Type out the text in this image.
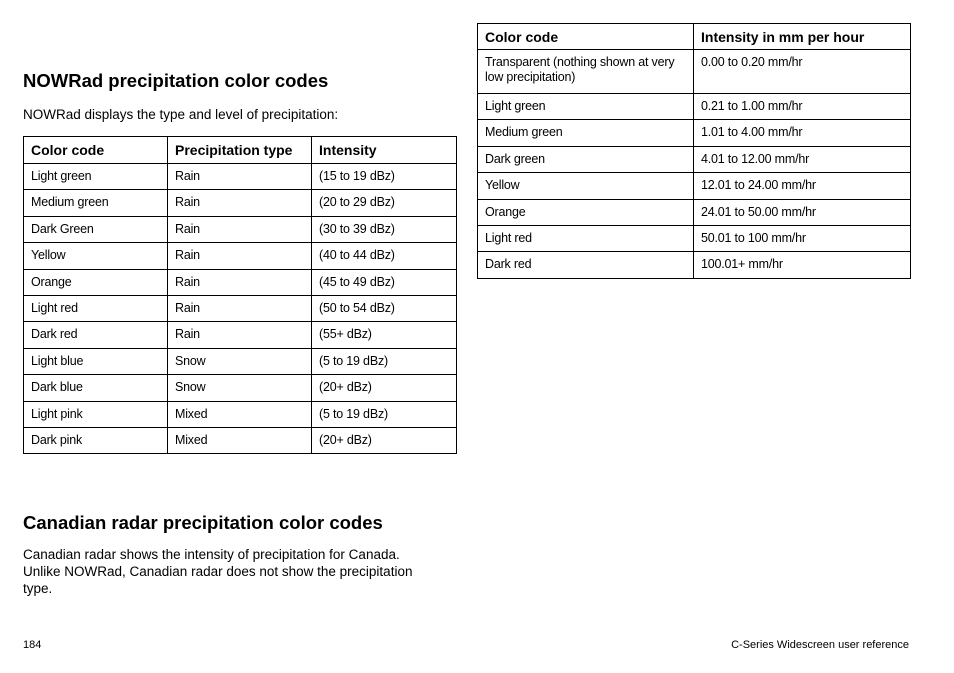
Color code	Intensity in mm per hour
Transparent (nothing shown at very low precipitation)	0.00 to 0.20 mm/hr
Light green	0.21 to 1.00 mm/hr
Medium green	1.01 to 4.00 mm/hr
Dark green	4.01 to 12.00 mm/hr
Yellow	12.01 to 24.00 mm/hr
Orange	24.01 to 50.00 mm/hr
Light red	50.01 to 100 mm/hr
Dark red	100.01+ mm/hr
NOWRad precipitation color codes

NOWRad displays the type and level of precipitation:

Color code	Precipitation type	Intensity
Light green	Rain	(15 to 19 dBz)
Medium green	Rain	(20 to 29 dBz)
Dark Green	Rain	(30 to 39 dBz)
Yellow	Rain	(40 to 44 dBz)
Orange	Rain	(45 to 49 dBz)
Light red	Rain	(50 to 54 dBz)
Dark red	Rain	(55+ dBz)
Light blue	Snow	(5 to 19 dBz)
Dark blue	Snow	(20+ dBz)
Light pink	Mixed	(5 to 19 dBz)
Dark pink	Mixed	(20+ dBz)
Canadian radar precipitation color codes
Canadian radar shows the intensity of precipitation for Canada.
Unlike NOWRad, Canadian radar does not show the precipitation
type.
184	C-Series Widescreen user reference
